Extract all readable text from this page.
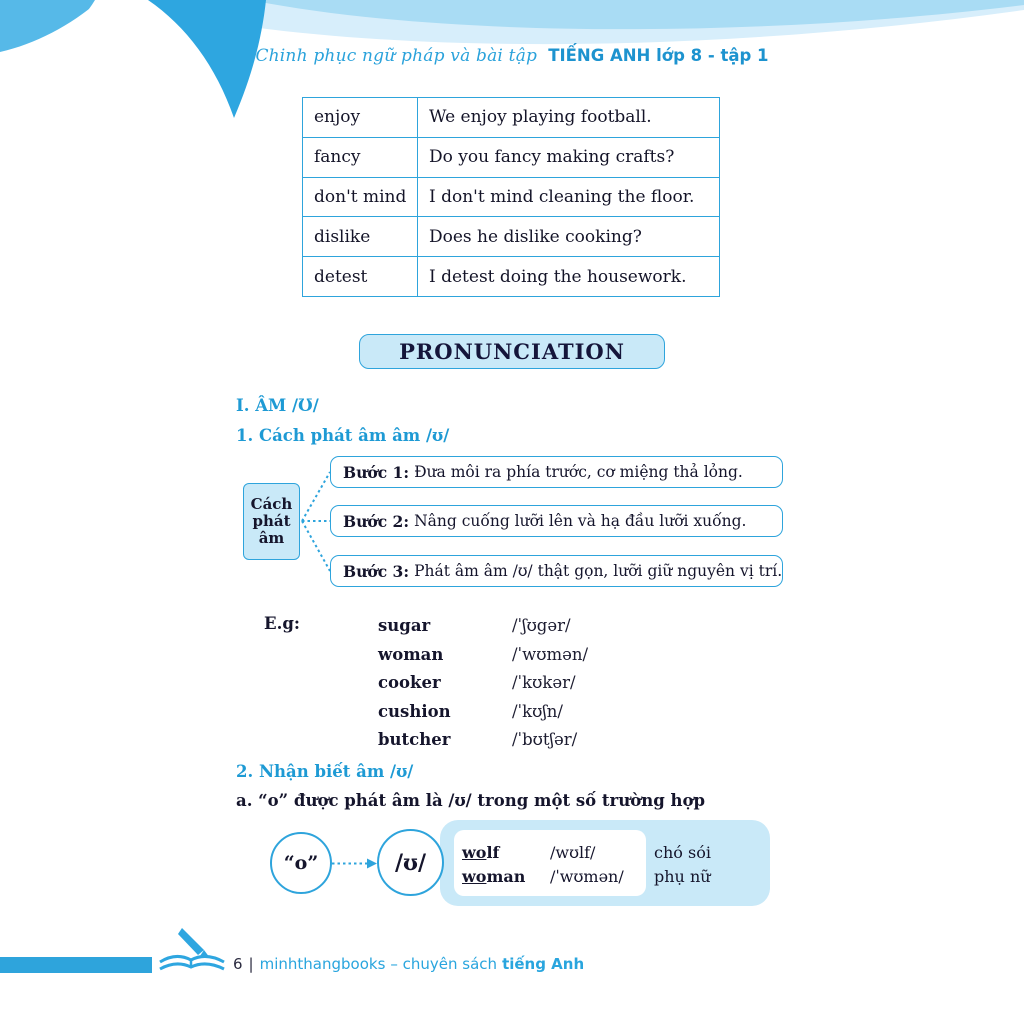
Chinh phục ngữ pháp và bài tập TIẾNG ANH lớp 8 - tập 1
enjoy	We enjoy playing football.
fancy	Do you fancy making crafts?
don't mind	I don't mind cleaning the floor.
dislike	Does he dislike cooking?
detest	I detest doing the housework.
PRONUNCIATION
I. ÂM /Ʊ/
1. Cách phát âm âm /ʊ/
Cách
phát
âm
Bước 1: Đưa môi ra phía trước, cơ miệng thả lỏng.
Bước 2: Nâng cuống lưỡi lên và hạ đầu lưỡi xuống.
Bước 3: Phát âm âm /ʊ/ thật gọn, lưỡi giữ nguyên vị trí.
E.g:	sugar	/ˈʃʊgər/
woman	/ˈwʊmən/
cooker	/ˈkʊkər/
cushion	/ˈkʊʃn/
butcher	/ˈbʊtʃər/
2. Nhận biết âm /ʊ/
a. “o” được phát âm là /ʊ/ trong một số trường hợp
wolf	/wʊlf/	chó sói
woman /ˈwʊmən/ phụ nữ
“o”	/ʊ/
6 | minhthangbooks – chuyên sách tiếng Anh
